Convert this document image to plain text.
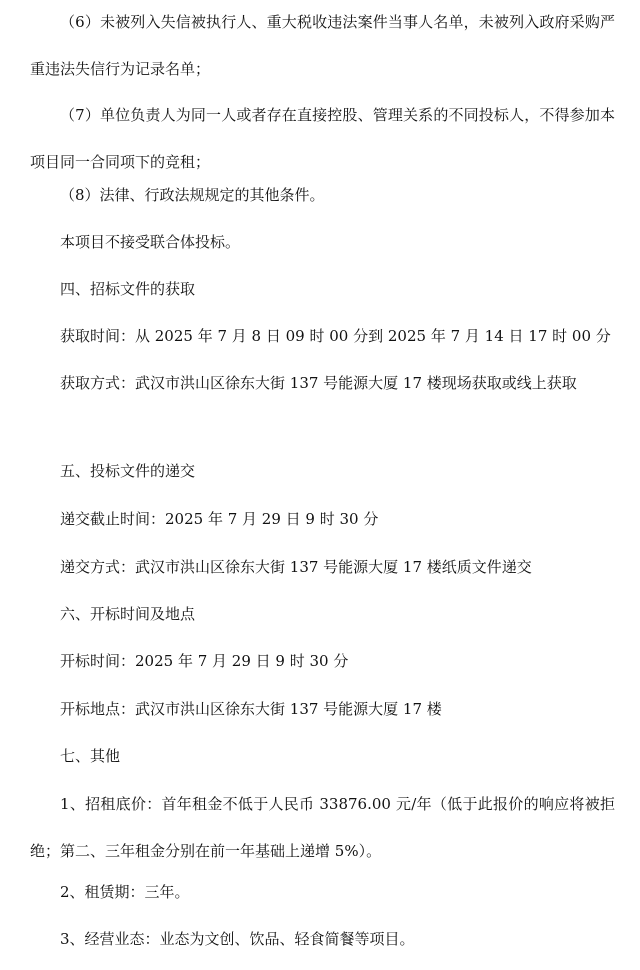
（6）未被列入失信被执行人、重大税收违法案件当事人名单，未被列入政府采购严重违法失信行为记录名单；

（7）单位负责人为同一人或者存在直接控股、管理关系的不同投标人，不得参加本项目同一合同项下的竞租；

（8）法律、行政法规规定的其他条件。

本项目不接受联合体投标。

四、招标文件的获取

获取时间：从 2025 年 7 月 8 日 09 时 00 分到 2025 年 7 月 14 日 17 时 00 分

获取方式：武汉市洪山区徐东大街 137 号能源大厦 17 楼现场获取或线上获取

五、投标文件的递交

递交截止时间：2025 年 7 月 29 日 9 时 30 分

递交方式：武汉市洪山区徐东大街 137 号能源大厦 17 楼纸质文件递交

六、开标时间及地点

开标时间：2025 年 7 月 29 日 9 时 30 分

开标地点：武汉市洪山区徐东大街 137 号能源大厦 17 楼

七、其他

1、招租底价：首年租金不低于人民币 33876.00 元/年（低于此报价的响应将被拒绝；第二、三年租金分别在前一年基础上递增 5%）。

2、租赁期：三年。

3、经营业态：业态为文创、饮品、轻食简餐等项目。
